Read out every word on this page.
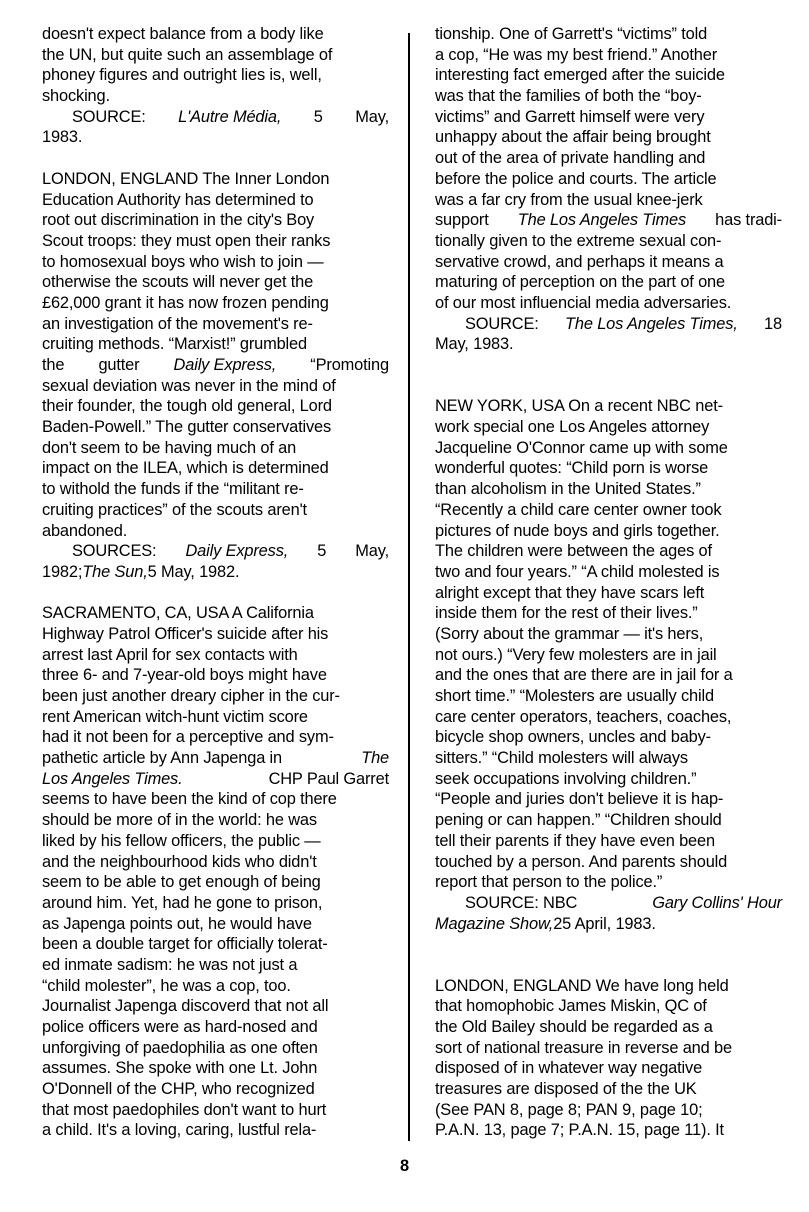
doesn't expect balance from a body like
the UN, but quite such an assemblage of
phoney figures and outright lies is, well,
shocking.
SOURCE: L'Autre Média, 5 May,
1983.
LONDON, ENGLAND The Inner London
Education Authority has determined to
root out discrimination in the city's Boy
Scout troops: they must open their ranks
to homosexual boys who wish to join —
otherwise the scouts will never get the
£62,000 grant it has now frozen pending
an investigation of the movement's re-
cruiting methods. “Marxist!” grumbled
the gutter Daily Express, “Promoting
sexual deviation was never in the mind of
their founder, the tough old general, Lord
Baden-Powell.” The gutter conservatives
don't seem to be having much of an
impact on the ILEA, which is determined
to withold the funds if the “militant re-
cruiting practices” of the scouts aren't
abandoned.
SOURCES: Daily Express, 5 May,
1982;The Sun,5 May, 1982.
SACRAMENTO, CA, USA A California
Highway Patrol Officer's suicide after his
arrest last April for sex contacts with
three 6- and 7-year-old boys might have
been just another dreary cipher in the cur-
rent American witch-hunt victim score
had it not been for a perceptive and sym-
pathetic article by Ann Japenga in	The
Los Angeles Times.	CHP Paul Garret
seems to have been the kind of cop there
should be more of in the world: he was
liked by his fellow officers, the public —
and the neighbourhood kids who didn't
seem to be able to get enough of being
around him. Yet, had he gone to prison,
as Japenga points out, he would have
been a double target for officially tolerat-
ed inmate sadism: he was not just a
“child molester”, he was a cop, too.
Journalist Japenga discoverd that not all
police officers were as hard-nosed and
unforgiving of paedophilia as one often
assumes. She spoke with one Lt. John
O'Donnell of the CHP, who recognized
that most paedophiles don't want to hurt
a child. It's a loving, caring, lustful rela-
tionship. One of Garrett's “victims” told
a cop, “He was my best friend.” Another
interesting fact emerged after the suicide
was that the families of both the “boy-
victims” and Garrett himself were very
unhappy about the affair being brought
out of the area of private handling and
before the police and courts. The article
was a far cry from the usual knee-jerk
support The Los Angeles Times has tradi-
tionally given to the extreme sexual con-
servative crowd, and perhaps it means a
maturing of perception on the part of one
of our most influencial media adversaries.
SOURCE: The Los Angeles Times, 18
May, 1983.
NEW YORK, USA On a recent NBC net-
work special one Los Angeles attorney
Jacqueline O'Connor came up with some
wonderful quotes: “Child porn is worse
than alcoholism in the United States.”
“Recently a child care center owner took
pictures of nude boys and girls together.
The children were between the ages of
two and four years.” “A child molested is
alright except that they have scars left
inside them for the rest of their lives.”
(Sorry about the grammar — it's hers,
not ours.) “Very few molesters are in jail
and the ones that are there are in jail for a
short time.” “Molesters are usually child
care center operators, teachers, coaches,
bicycle shop owners, uncles and baby-
sitters.” “Child molesters will always
seek occupations involving children.”
“People and juries don't believe it is hap-
pening or can happen.” “Children should
tell their parents if they have even been
touched by a person. And parents should
report that person to the police.”
SOURCE: NBC	Gary Collins' Hour
Magazine Show,25 April, 1983.
LONDON, ENGLAND We have long held
that homophobic James Miskin, QC of
the Old Bailey should be regarded as a
sort of national treasure in reverse and be
disposed of in whatever way negative
treasures are disposed of the the UK
(See PAN 8, page 8; PAN 9, page 10;
P.A.N. 13, page 7; P.A.N. 15, page 11). It
8
